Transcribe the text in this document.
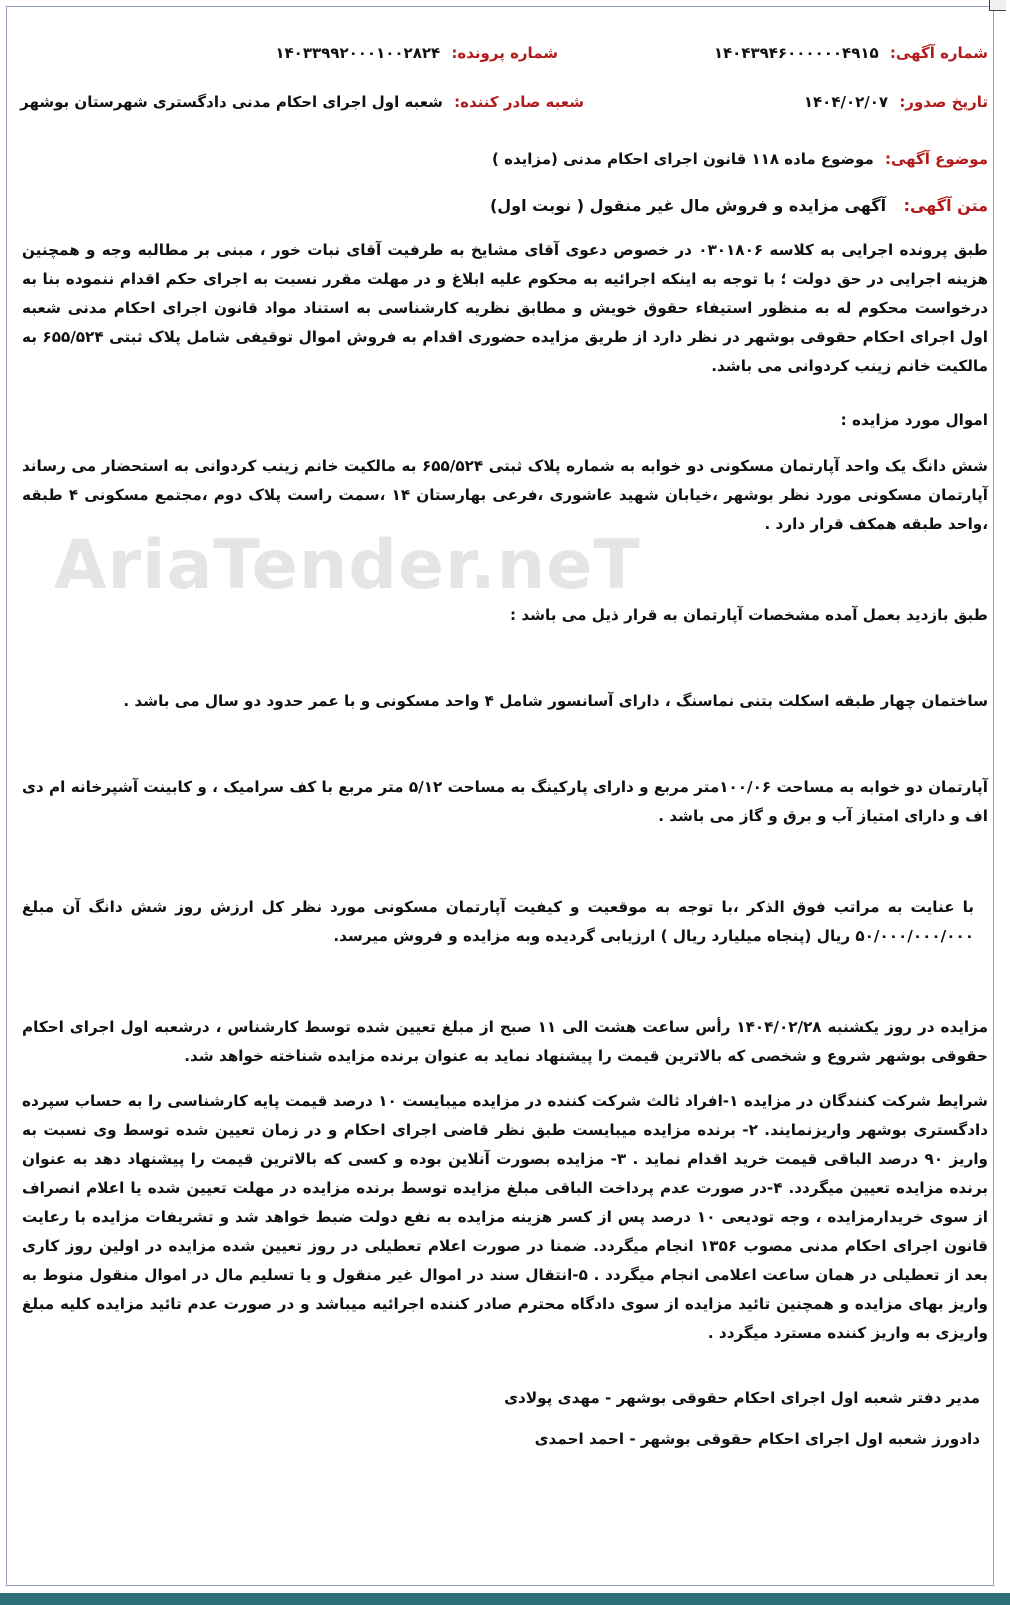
AriaTender.neT
شماره آگهی: ۱۴۰۴۳۹۴۶۰۰۰۰۰۰۴۹۱۵
شماره پرونده: ۱۴۰۳۳۹۹۲۰۰۰۱۰۰۲۸۲۴
تاریخ صدور: ۱۴۰۴/۰۲/۰۷
شعبه صادر کننده: شعبه اول اجرای احکام مدنی دادگستری شهرستان بوشهر
موضوع آگهی: موضوع ماده ۱۱۸ قانون اجرای احکام مدنی (مزایده )
متن آگهی: آگهی مزایده و فروش مال غیر منقول ( نوبت اول)

طبق پرونده اجرایی به کلاسه ۰۳۰۱۸۰۶ در خصوص دعوی آقای مشایخ به طرفیت آقای نبات خور ، مبنی بر مطالبه وجه و همچنین هزینه اجرایی در حق دولت ؛ با توجه به اینکه اجرائیه به محکوم علیه ابلاغ و در مهلت مقرر نسبت به اجرای حکم اقدام ننموده بنا به درخواست محکوم له به منظور استیفاء حقوق خویش و مطابق نظریه کارشناسی به استناد مواد قانون اجرای احکام مدنی شعبه اول اجرای احکام حقوقی بوشهر در نظر دارد از طریق مزایده حضوری اقدام به فروش اموال توقیفی شامل پلاک ثبتی ۶۵۵/۵۲۴ به مالکیت خانم زینب کردوانی می باشد.

اموال مورد مزایده :

شش دانگ یک واحد آپارتمان مسکونی دو خوابه به شماره پلاک ثبتی ۶۵۵/۵۲۴ به مالکیت خانم زینب کردوانی به استحضار می رساند آپارتمان مسکونی مورد نظر بوشهر ،خیابان شهید عاشوری ،فرعی بهارستان ۱۴ ،سمت راست پلاک دوم ،مجتمع مسکونی ۴ طبقه ،واحد طبقه همکف قرار دارد .

طبق بازدید بعمل آمده مشخصات آپارتمان به قرار ذیل می باشد :

ساختمان چهار طبقه اسکلت بتنی نماسنگ ، دارای آسانسور شامل ۴ واحد مسکونی و با عمر حدود دو سال می باشد .

آپارتمان دو خوابه به مساحت ۱۰۰/۰۶متر مربع و دارای پارکینگ به مساحت ۵/۱۲ متر مربع با کف سرامیک ، و کابینت آشپرخانه ام دی اف و دارای امتیاز آب و برق و گاز می باشد .

با عنایت به مراتب فوق الذکر ،با توجه به موقعیت و کیفیت آپارتمان مسکونی مورد نظر کل ارزش روز شش دانگ آن مبلغ ۵۰/۰۰۰/۰۰۰/۰۰۰ ریال (پنجاه میلیارد ریال ) ارزیابی گردیده وبه مزایده و فروش میرسد.

مزایده در روز یکشنبه ۱۴۰۴/۰۲/۲۸ رأس ساعت هشت الی ۱۱ صبح از مبلغ تعیین شده توسط کارشناس ، درشعبه اول اجرای احکام حقوقی بوشهر شروع و شخصی که بالاترین قیمت را پیشنهاد نماید به عنوان برنده مزایده شناخته خواهد شد.

شرایط شرکت کنندگان در مزایده ۱-افراد ثالث شرکت کننده در مزایده میبایست ۱۰ درصد قیمت پایه کارشناسی را به حساب سپرده دادگستری بوشهر واریزنمایند. ۲- برنده مزایده میبایست طبق نظر قاضی اجرای احکام و در زمان تعیین شده توسط وی نسبت به واریز ۹۰ درصد الباقی قیمت خرید اقدام نماید . ۳- مزایده بصورت آنلاین بوده و کسی که بالاترین قیمت را پیشنهاد دهد به عنوان برنده مزایده تعیین میگردد. ۴-در صورت عدم پرداخت الباقی مبلغ مزایده توسط برنده مزایده در مهلت تعیین شده یا اعلام انصراف از سوی خریدارمزایده ، وجه تودیعی ۱۰ درصد پس از کسر هزینه مزایده به نفع دولت ضبط خواهد شد و تشریفات مزایده با رعایت قانون اجرای احکام مدنی مصوب ۱۳۵۶ انجام میگردد. ضمنا در صورت اعلام تعطیلی در روز تعیین شده مزایده در اولین روز کاری بعد از تعطیلی در همان ساعت اعلامی انجام میگردد . ۵-انتقال سند در اموال غیر منقول و یا تسلیم مال در اموال منقول منوط به واریز بهای مزایده و همچنین تائید مزایده از سوی دادگاه محترم صادر کننده اجرائیه میباشد و در صورت عدم تائید مزایده کلیه مبلغ واریزی به واریز کننده مسترد میگردد .

مدیر دفتر شعبه اول اجرای احکام حقوقی بوشهر - مهدی پولادی

دادورز شعبه اول اجرای احکام حقوقی بوشهر - احمد احمدی
